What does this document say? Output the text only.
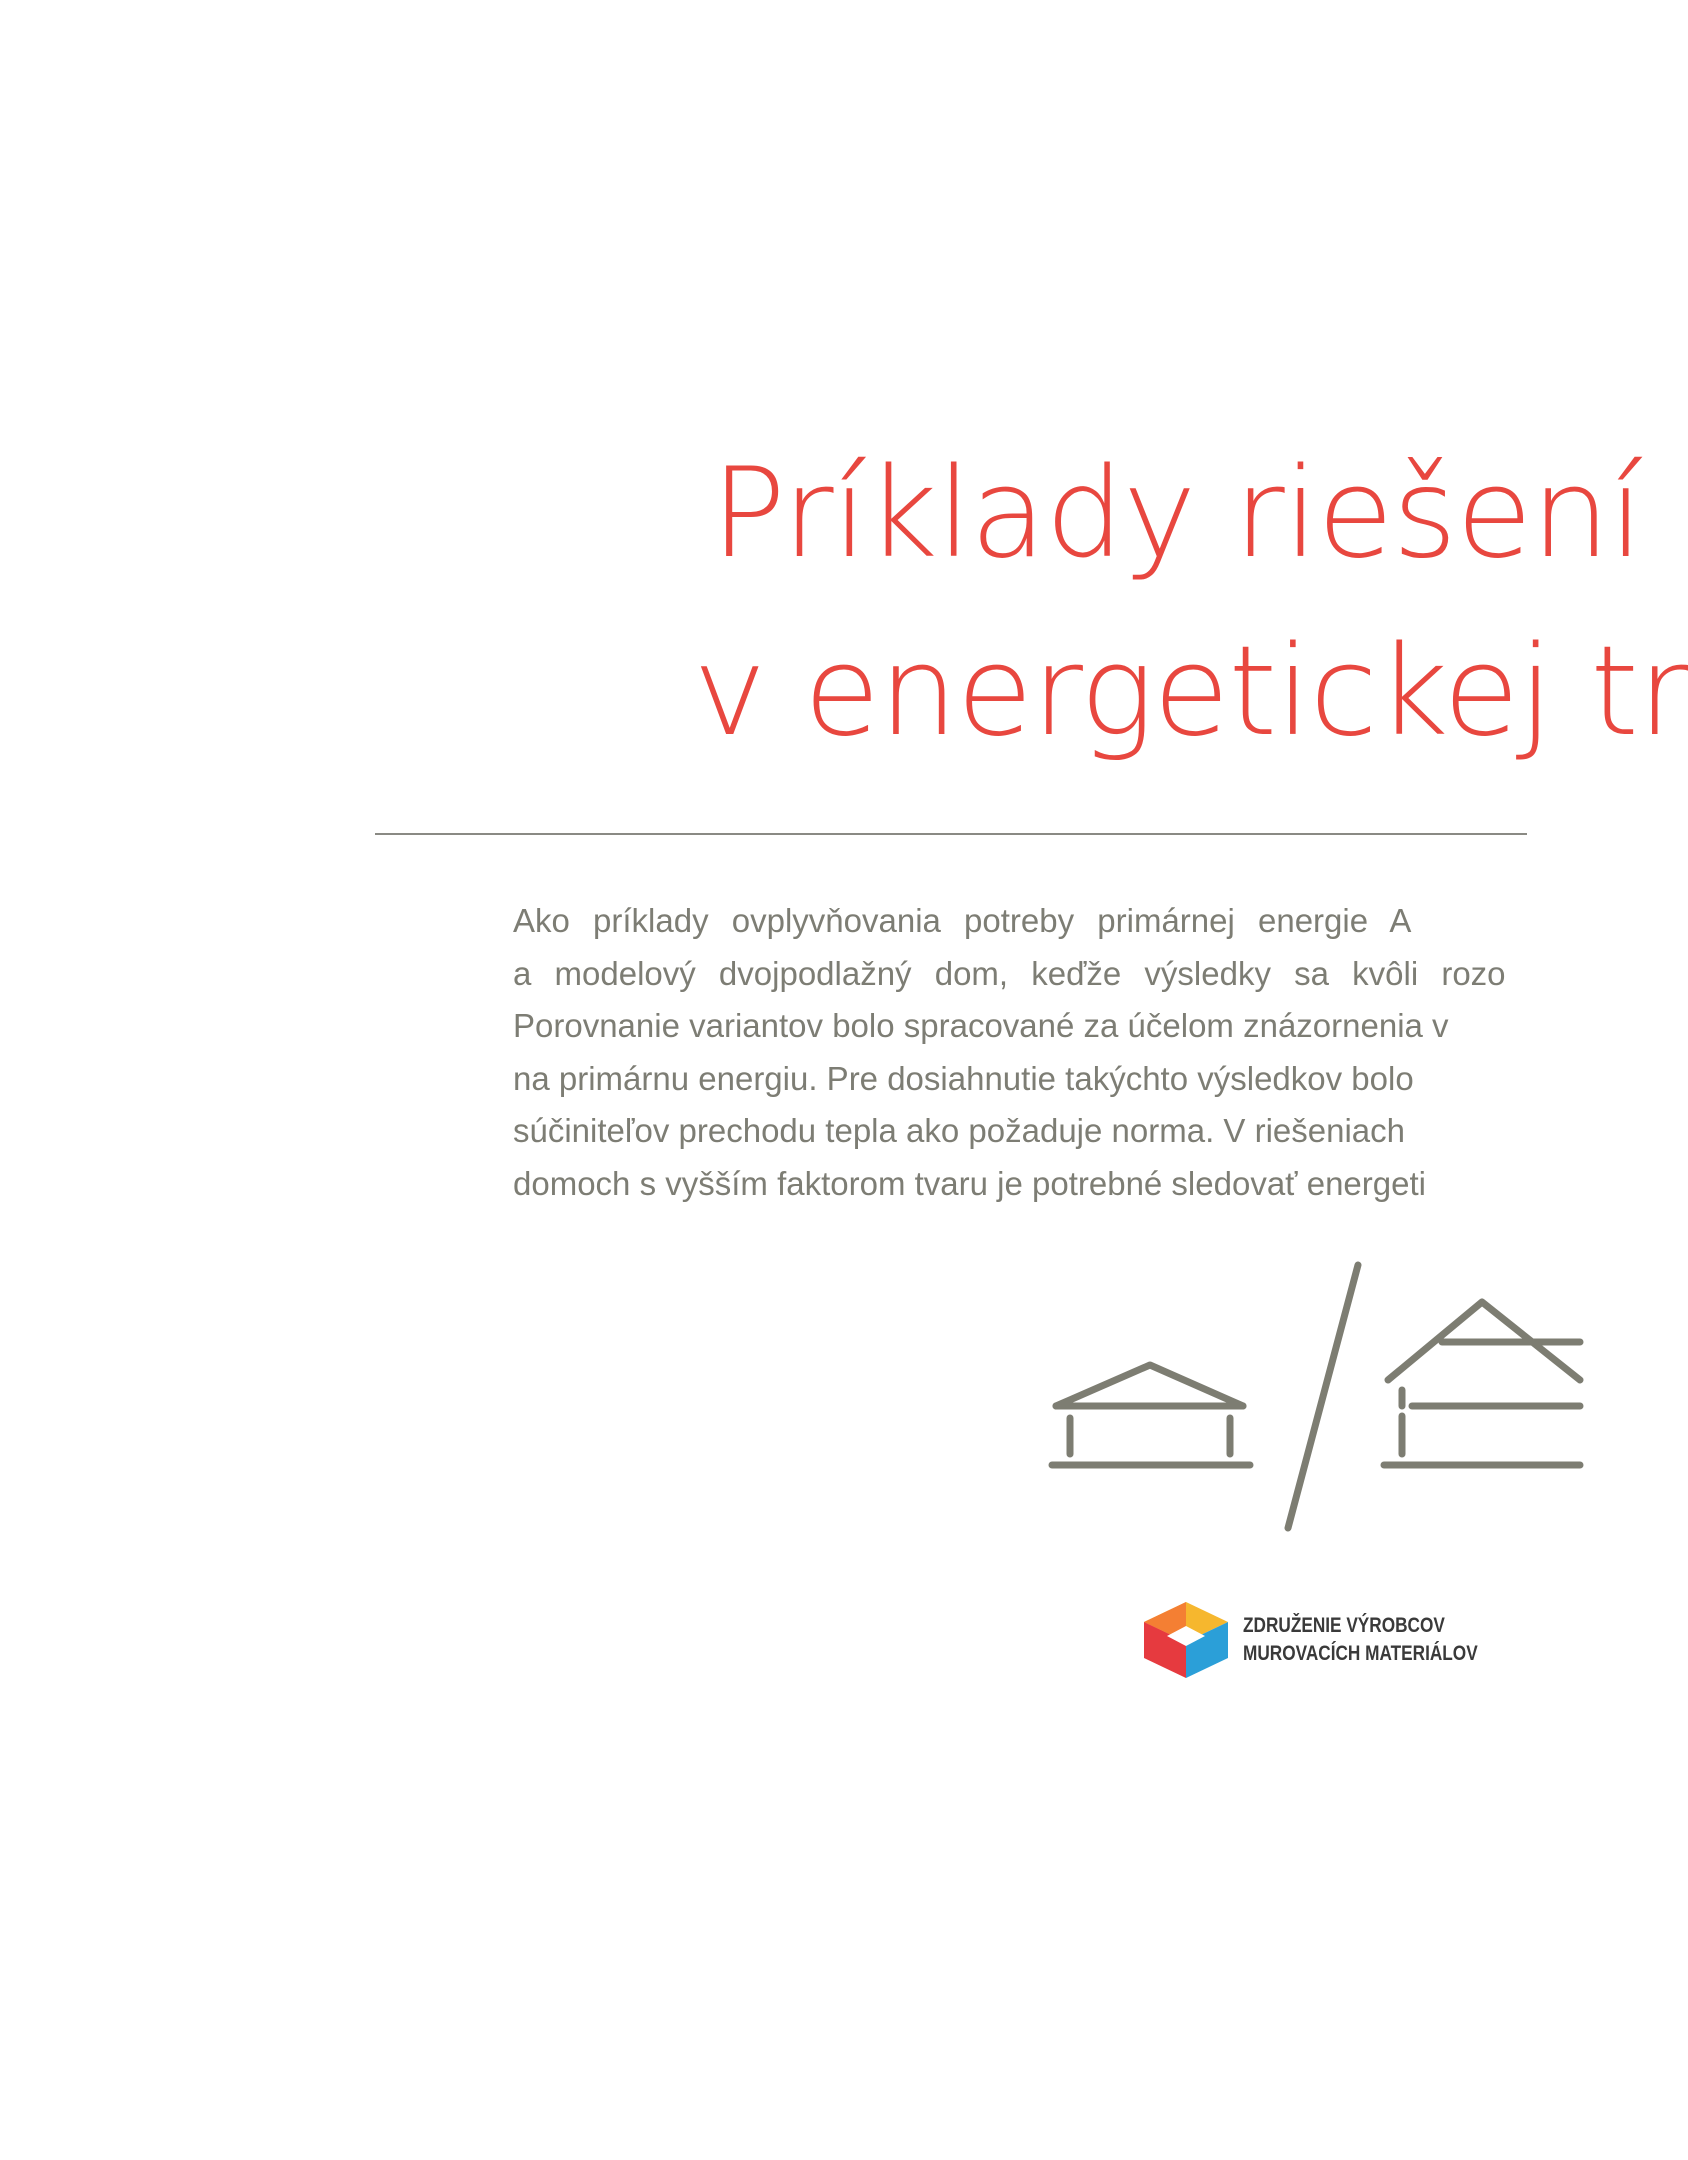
Príklady riešení
v energetickej tr
Ako príklady ovplyvňovania potreby primárnej energie A
a modelový dvojpodlažný dom, keďže výsledky sa kvôli rozo
Porovnanie variantov bolo spracované za účelom znázornenia v
na primárnu energiu. Pre dosiahnutie takýchto výsledkov bolo
súčiniteľov prechodu tepla ako požaduje norma. V riešeniach
domoch s vyšším faktorom tvaru je potrebné sledovať energeti
ZDRUŽENIE VÝROBCOV
MUROVACÍCH MATERIÁLOV
